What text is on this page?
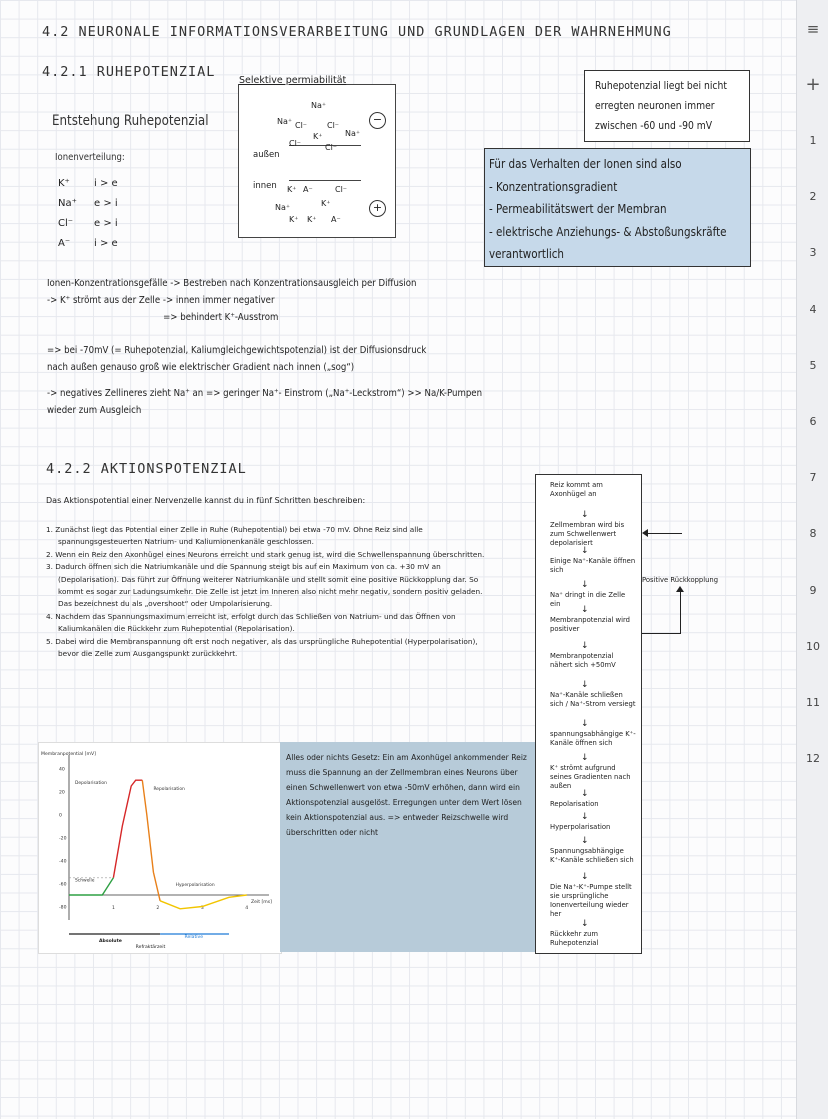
4.2 NEURONALE INFORMATIONSVERARBEITUNG UND GRUNDLAGEN DER WAHRNEHMUNG
4.2.1 RUHEPOTENZIAL
Entstehung Ruhepotenzial
Ionenverteilung:
K⁺ i > e
Na⁺ e > i
Cl⁻ e > i
A⁻ i > e
Selektive permiabilität
außen
innen
Na⁺
Na⁺ Cl⁻ Cl⁻
K⁺	Na⁺
Cl⁻	Cl⁻
K⁺ A⁻	Cl⁻
Na⁺	K⁺
K⁺ K⁺ A⁻
−
+
Ruhepotenzial liegt bei nicht erregten neuronen immer zwischen -60 und -90 mV
Für das Verhalten der Ionen sind also
- Konzentrationsgradient
- Permeabilitätswert der Membran
- elektrische Anziehungs- & Abstoßungskräfte
verantwortlich
Ionen-Konzentrationsgefälle -> Bestreben nach Konzentrationsausgleich per Diffusion
-> K⁺ strömt aus der Zelle -> innen immer negativer
=> behindert K⁺-Ausstrom
=> bei -70mV (= Ruhepotenzial, Kaliumgleichgewichtspotenzial) ist der Diffusionsdruck
nach außen genauso groß wie elektrischer Gradient nach innen („sog“)
-> negatives Zellineres zieht Na⁺ an => geringer Na⁺- Einstrom („Na⁺-Leckstrom“) >> Na/K-Pumpen
wieder zum Ausgleich
4.2.2 AKTIONSPOTENZIAL
Das Aktionspotential einer Nervenzelle kannst du in fünf Schritten beschreiben:

1. Zunächst liegt das Potential einer Zelle in Ruhe (Ruhepotential) bei etwa -70 mV. Ohne Reiz sind alle spannungsgesteuerten Natrium- und Kaliumionenkanäle geschlossen.

2. Wenn ein Reiz den Axonhügel eines Neurons erreicht und stark genug ist, wird die Schwellenspannung überschritten.

3. Dadurch öffnen sich die Natriumkanäle und die Spannung steigt bis auf ein Maximum von ca. +30 mV an (Depolarisation). Das führt zur Öffnung weiterer Natriumkanäle und stellt somit eine positive Rückkopplung dar. So kommt es sogar zur Ladungsumkehr. Die Zelle ist jetzt im Inneren also nicht mehr negativ, sondern positiv geladen. Das bezeichnest du als „overshoot“ oder Umpolarisierung.

4. Nachdem das Spannungsmaximum erreicht ist, erfolgt durch das Schließen von Natrium- und das Öffnen von Kaliumkanälen die Rückkehr zum Ruhepotential (Repolarisation).

5. Dabei wird die Membranspannung oft erst noch negativer, als das ursprüngliche Ruhepotential (Hyperpolarisation), bevor die Zelle zum Ausgangspunkt zurückkehrt.

Membranpotential [mV]
Zeit [ms]
40
20
0
-20
-40
-60
-80	1	2	3	4
Depolarisation
Repolarisation
Schwelle
Hyperpolarisation
Absolute
Relative
Refraktärzeit
Alles oder nichts Gesetz: Ein am Axonhügel ankommender Reiz muss die Spannung an der Zellmembran eines Neurons über einen Schwellenwert von etwa -50mV erhöhen, dann wird ein Aktionspotenzial ausgelöst. Erregungen unter dem Wert lösen kein Aktionspotenzial aus. => entweder Reizschwelle wird überschritten oder nicht
Reiz kommt am Axonhügel an
↓
Zellmembran wird bis zum Schwellenwert depolarisiert
↓
Einige Na⁺-Kanäle öffnen sich
↓
Na⁺ dringt in die Zelle ein
↓
Membranpotenzial wird positiver
↓
Membranpotenzial nähert sich +50mV
↓
Na⁺-Kanäle schließen sich / Na⁺-Strom versiegt
↓
spannungsabhängige K⁺-Kanäle öffnen sich
↓
K⁺ strömt aufgrund seines Gradienten nach außen
↓
Repolarisation
↓
Hyperpolarisation
↓
Spannungsabhängige K⁺-Kanäle schließen sich
↓
Die Na⁺-K⁺-Pumpe stellt sie ursprüngliche Ionenverteilung wieder her
↓
Rückkehr zum Ruhepotenzial
Positive Rückkopplung
≡
+
1
2
3
4
5
6
7
8
9
10
11
12
